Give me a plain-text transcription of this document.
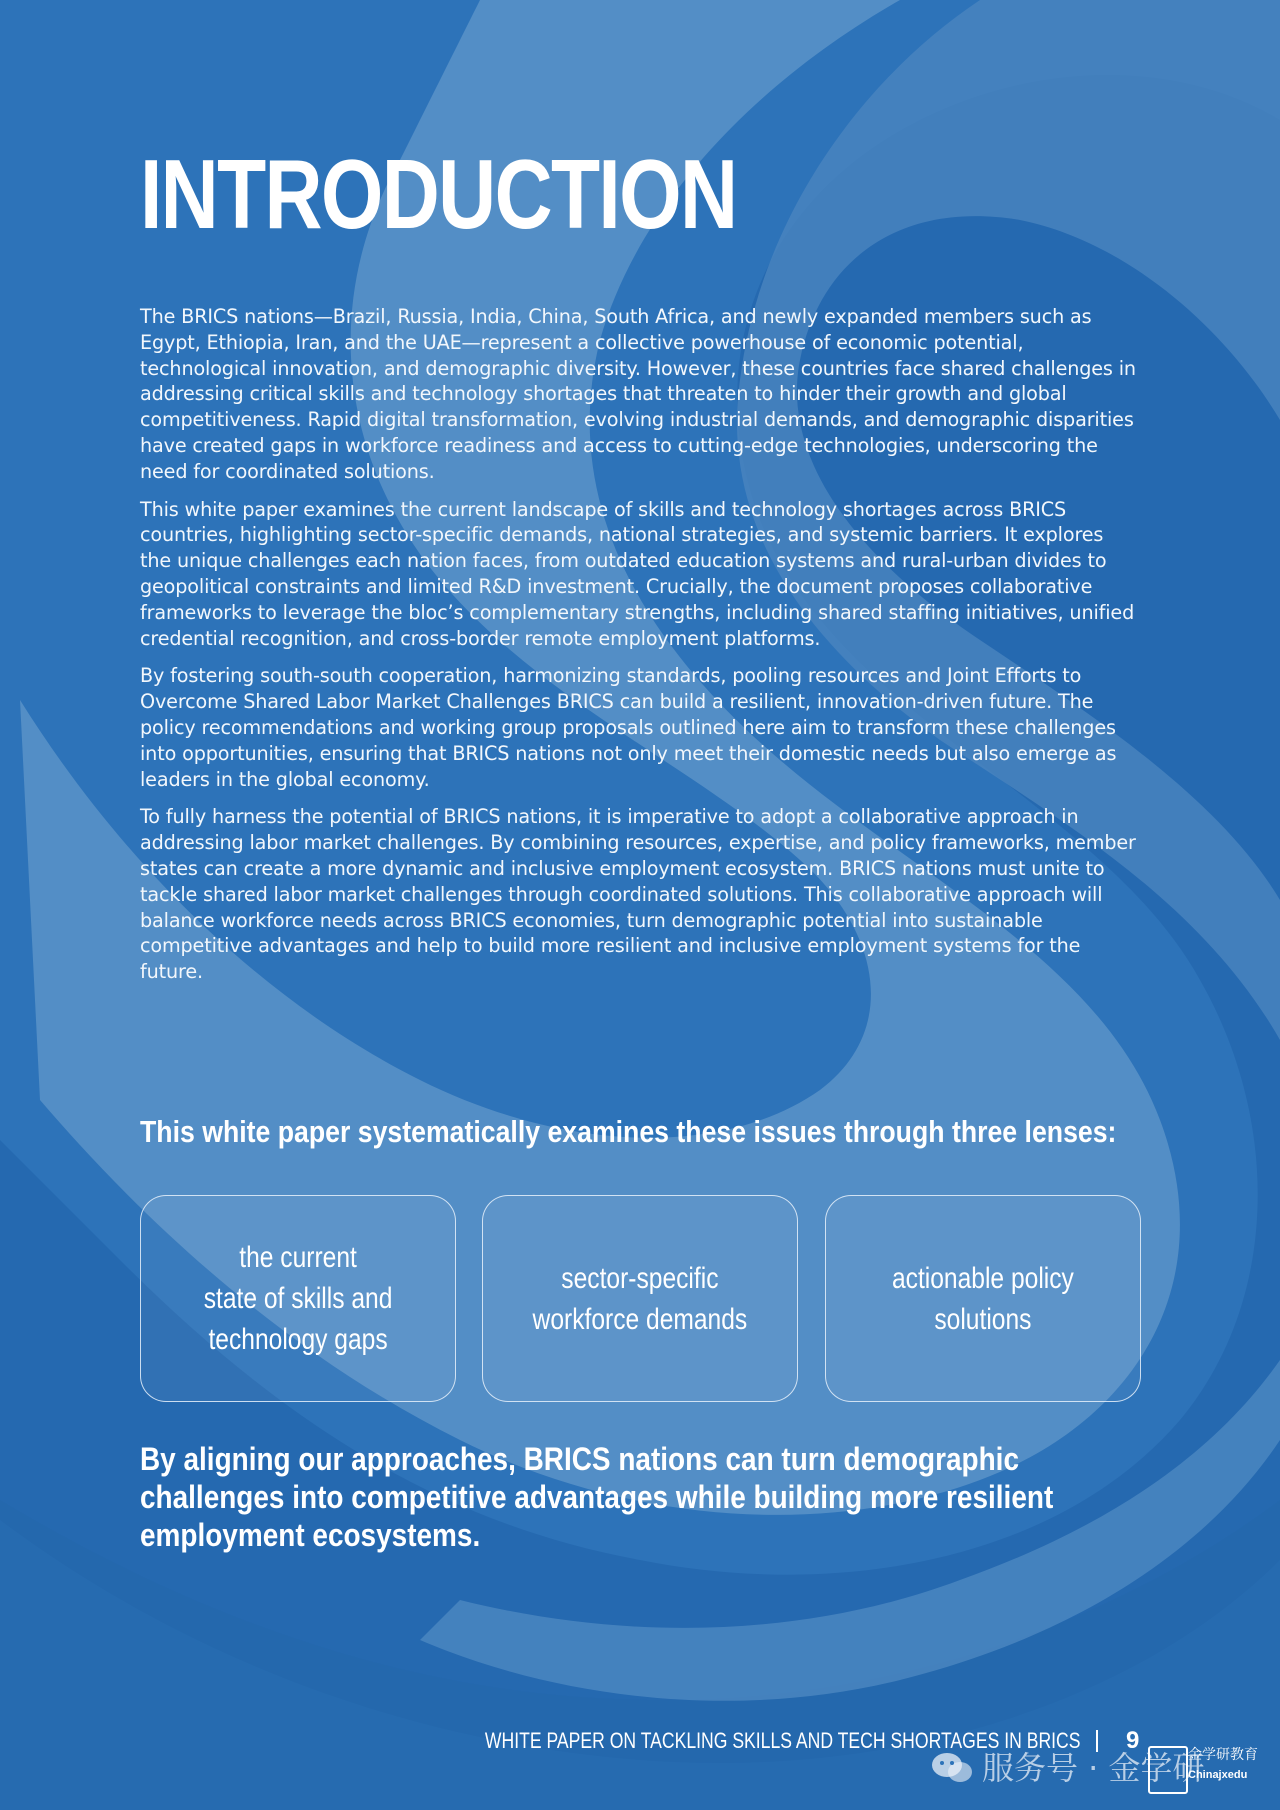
INTRODUCTION

The BRICS nations—Brazil, Russia, India, China, South Africa, and newly expanded members such as Egypt, Ethiopia, Iran, and the UAE—represent a collective powerhouse of economic potential, technological innovation, and demographic diversity. However, these countries face shared challenges in addressing critical skills and technology shortages that threaten to hinder their growth and global competitiveness. Rapid digital transformation, evolving industrial demands, and demographic disparities have created gaps in workforce readiness and access to cutting-edge technologies, underscoring the need for coordinated solutions.

This white paper examines the current landscape of skills and technology shortages across BRICS countries, highlighting sector-specific demands, national strategies, and systemic barriers. It explores the unique challenges each nation faces, from outdated education systems and rural-urban divides to geopolitical constraints and limited R&D investment. Crucially, the document proposes collaborative frameworks to leverage the bloc’s complementary strengths, including shared staffing initiatives, unified credential recognition, and cross-border remote employment platforms.

By fostering south-south cooperation, harmonizing standards, pooling resources and Joint Efforts to Overcome Shared Labor Market Challenges BRICS can build a resilient, innovation-driven future. The policy recommendations and working group proposals outlined here aim to transform these challenges into opportunities, ensuring that BRICS nations not only meet their domestic needs but also emerge as leaders in the global economy.

To fully harness the potential of BRICS nations, it is imperative to adopt a collaborative approach in addressing labor market challenges. By combining resources, expertise, and policy frameworks, member states can create a more dynamic and inclusive employment ecosystem. BRICS nations must unite to tackle shared labor market challenges through coordinated solutions. This collaborative approach will balance workforce needs across BRICS economies, turn demographic potential into sustainable competitive advantages and help to build more resilient and inclusive employment systems for the future.

This white paper systematically examines these issues through three lenses:
the current
state of skills and
technology gaps
sector-specific
workforce demands
actionable policy
solutions

By aligning our approaches, BRICS nations can turn demographic challenges into competitive advantages while building more resilient employment ecosystems.

WHITE PAPER ON TACKLING SKILLS AND TECH SHORTAGES IN BRICS 9
服务号 · 金学研
金学研教育
Chinajxedu
